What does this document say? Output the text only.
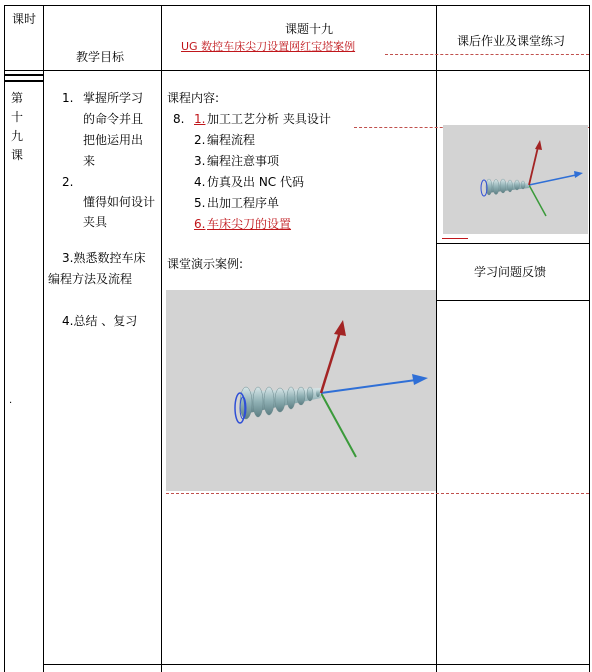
课时
教学目标
课题十九
UG 数控车床尖刀设置网红宝塔案例	课后作业及课堂练习
第
十
九
课
.
1. 掌握所学习
的命令并且
把他运用出
来
2.
懂得如何设计
夹具
3.熟悉数控车床
编程方法及流程
4.总结 、复习
课程内容:
8. 1. 加工工艺分析 夹具设计
2. 编程流程
3. 编程注意事项
4. 仿真及出 NC 代码
5. 出加工程序单
6. 车床尖刀的设置
课堂演示案例:
学习问题反馈
